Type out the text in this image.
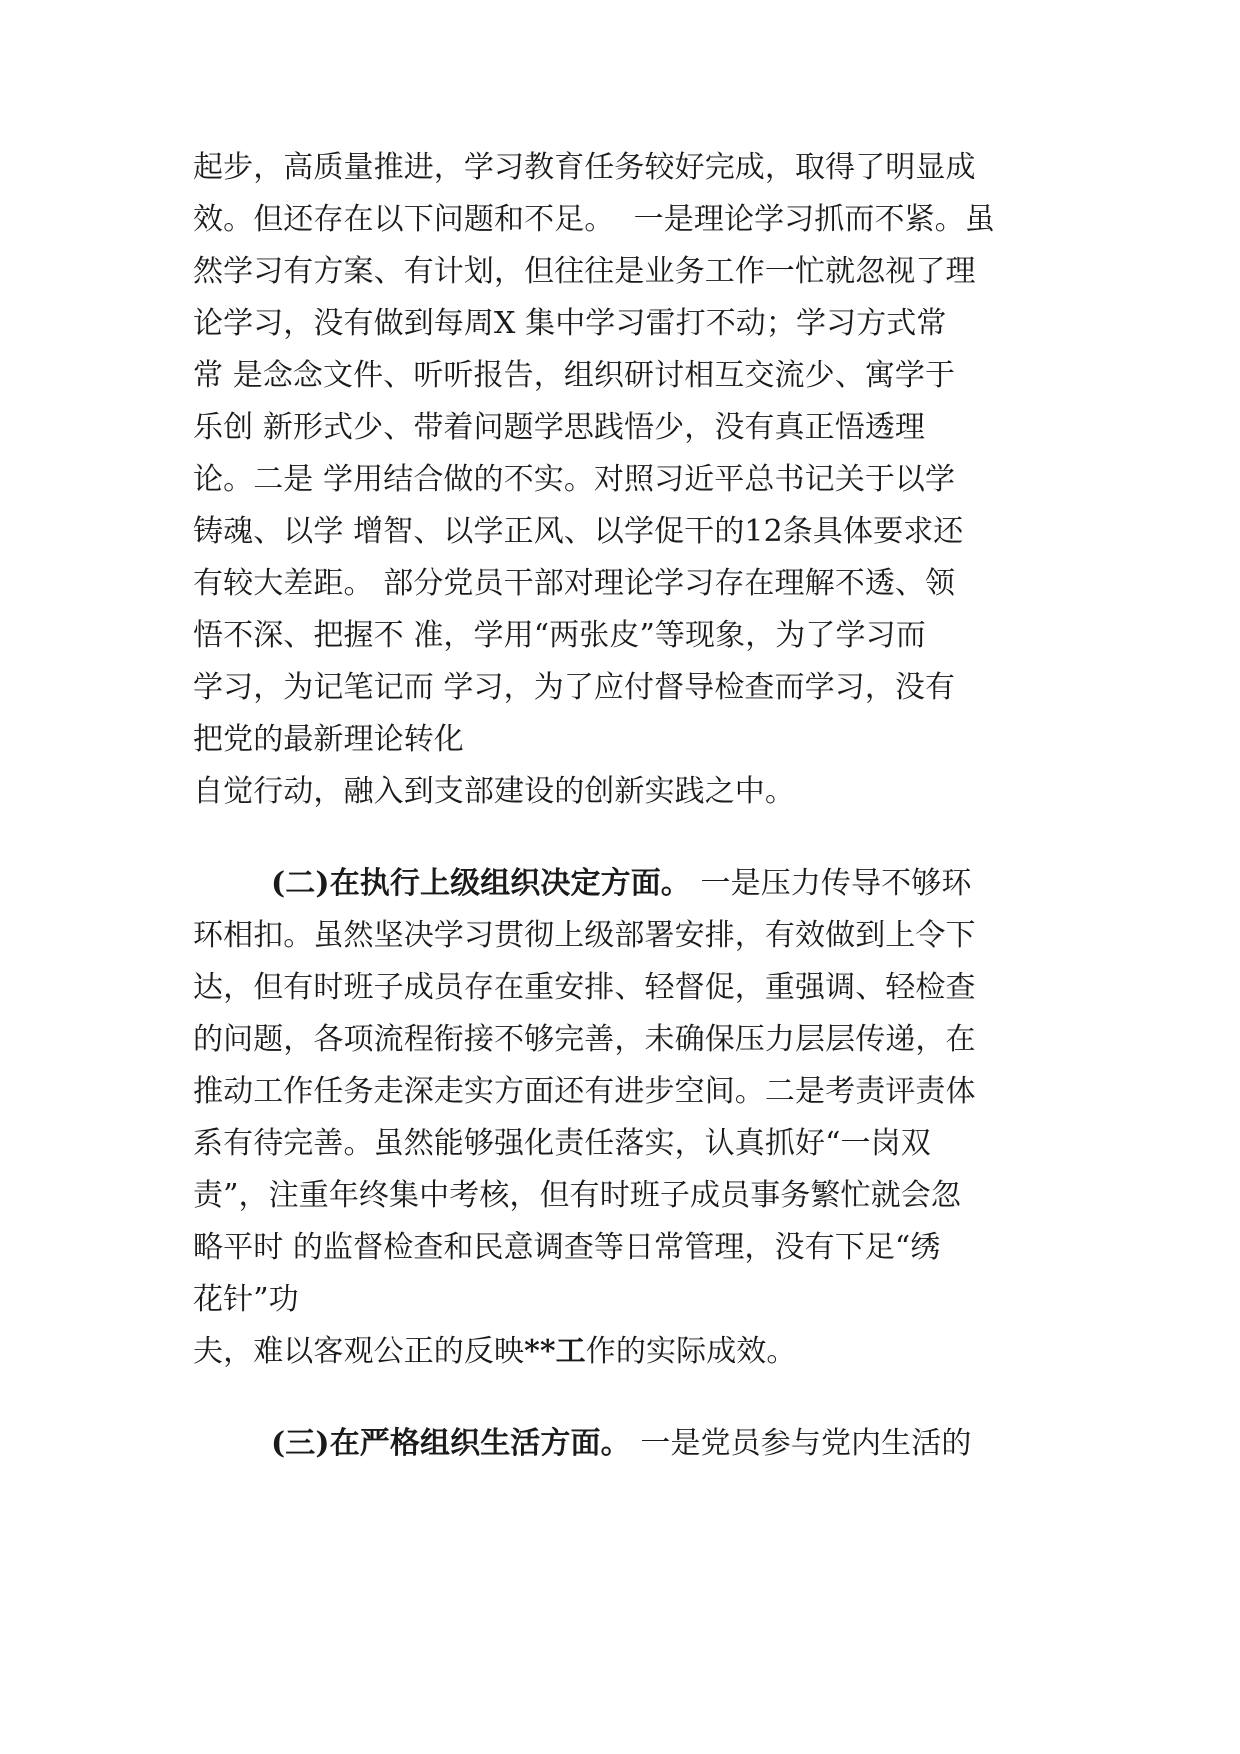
起步，高质量推进，学习教育任务较好完成，取得了明显成
效。但还存在以下问题和不足。  一是理论学习抓而不紧。虽
然学习有方案、有计划，但往往是业务工作一忙就忽视了理
论学习，没有做到每周X 集中学习雷打不动；学习方式常
常 是念念文件、听听报告，组织研讨相互交流少、寓学于
乐创 新形式少、带着问题学思践悟少，没有真正悟透理
论。二是 学用结合做的不实。对照习近平总书记关于以学
铸魂、以学 增智、以学正风、以学促干的12条具体要求还
有较大差距。 部分党员干部对理论学习存在理解不透、领
悟不深、把握不 准，学用“两张皮”等现象，为了学习而
学习，为记笔记而 学习，为了应付督导检查而学习，没有
把党的最新理论转化
自觉行动，融入到支部建设的创新实践之中。
(二)在执行上级组织决定方面。 一是压力传导不够环
环相扣。虽然坚决学习贯彻上级部署安排，有效做到上令下
达，但有时班子成员存在重安排、轻督促，重强调、轻检查
的问题，各项流程衔接不够完善，未确保压力层层传递，在
推动工作任务走深走实方面还有进步空间。二是考责评责体
系有待完善。虽然能够强化责任落实，认真抓好“一岗双
责”，注重年终集中考核，但有时班子成员事务繁忙就会忽
略平时 的监督检查和民意调查等日常管理，没有下足“绣
花针”功
夫，难以客观公正的反映**工作的实际成效。
(三)在严格组织生活方面。 一是党员参与党内生活的
